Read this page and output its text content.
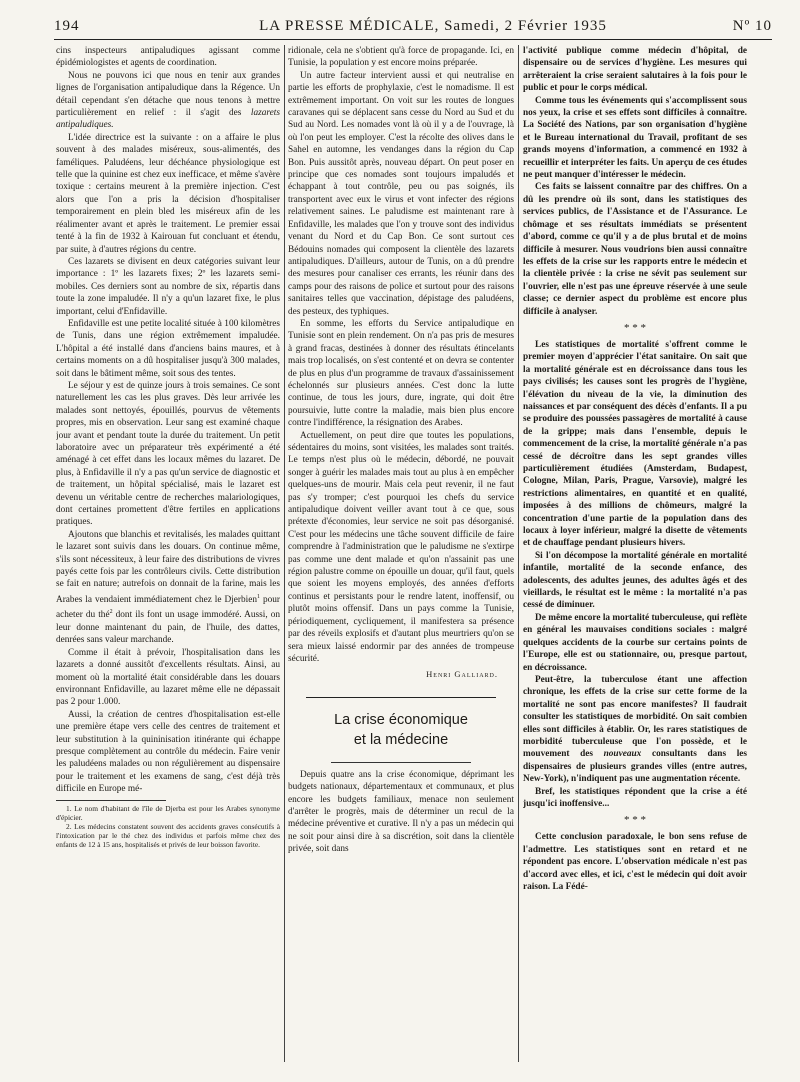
194	LA PRESSE MÉDICALE, Samedi, 2 Février 1935	Nº 10

cins inspecteurs antipaludiques agissant comme épidémiologistes et agents de coordination.

Nous ne pouvons ici que nous en tenir aux grandes lignes de l'organisation antipaludique dans la Régence. Un détail cependant s'en détache que nous tenons à mettre particulièrement en relief : il s'agit des lazarets antipaludiques.

L'idée directrice est la suivante : on a affaire le plus souvent à des malades miséreux, sous-alimentés, des faméliques. Paludéens, leur déchéance physiologique est telle que la quinine est chez eux inefficace, et même s'avère toxique : certains meurent à la première injection. C'est alors que l'on a pris la décision d'hospitaliser temporairement en plein bled les miséreux afin de les réalimenter avant et après le traitement. Le premier essai tenté à la fin de 1932 à Kairouan fut concluant et étendu, par suite, à d'autres régions du centre.

Ces lazarets se divisent en deux catégories suivant leur importance : 1º les lazarets fixes; 2º les lazarets semi-mobiles. Ces derniers sont au nombre de six, répartis dans toute la zone impaludée. Il n'y a qu'un lazaret fixe, le plus important, celui d'Enfidaville.

Enfidaville est une petite localité située à 100 kilomètres de Tunis, dans une région extrêmement impaludée. L'hôpital a été installé dans d'anciens bains maures, et à certains moments on a dû hospitaliser jusqu'à 300 malades, soit dans le bâtiment même, soit sous des tentes.

Le séjour y est de quinze jours à trois semaines. Ce sont naturellement les cas les plus graves. Dès leur arrivée les malades sont nettoyés, épouillés, pourvus de vêtements propres, mis en observation. Leur sang est examiné chaque jour avant et pendant toute la durée du traitement. Un petit laboratoire avec un préparateur très expérimenté a été aménagé à cet effet dans les locaux mêmes du lazaret. De plus, à Enfidaville il n'y a pas qu'un service de diagnostic et de traitement, un hôpital spécialisé, mais le lazaret est devenu un véritable centre de recherches malariologiques, dont certaines promettent d'être fertiles en applications pratiques.

Ajoutons que blanchis et revitalisés, les malades quittant le lazaret sont suivis dans les douars. On continue même, s'ils sont nécessiteux, à leur faire des distributions de vivres payés cette fois par les contrôleurs civils. Cette distribution se fait en nature; autrefois on donnait de la farine, mais les Arabes la vendaient immédiatement chez le Djerbien$^1$ pour acheter du thé$^2$ dont ils font un usage immodéré. Aussi, on leur donne maintenant du pain, de l'huile, des dattes, denrées sans valeur marchande.

Comme il était à prévoir, l'hospitalisation dans les lazarets a donné aussitôt d'excellents résultats. Ainsi, au moment où la mortalité était considérable dans les douars environnant Enfidaville, au lazaret même elle ne dépassait pas 2 pour 1.000.

Aussi, la création de centres d'hospitalisation est-elle une première étape vers celle des centres de traitement et leur substitution à la quininisation itinérante qui échappe presque complètement au contrôle du médecin. Faire venir les paludéens malades ou non régulièrement au dispensaire pour le traitement et les examens de sang, c'est déjà très difficile en Europe mé-

1. Le nom d'habitant de l'île de Djerba est pour les Arabes synonyme d'épicier.

2. Les médecins constatent souvent des accidents graves consécutifs à l'intoxication par le thé chez des individus et parfois même chez des enfants de 12 à 15 ans, hospitalisés et privés de leur boisson favorite.

ridionale, cela ne s'obtient qu'à force de propagande. Ici, en Tunisie, la population y est encore moins préparée.

Un autre facteur intervient aussi et qui neutralise en partie les efforts de prophylaxie, c'est le nomadisme. Il est extrêmement important. On voit sur les routes de longues caravanes qui se déplacent sans cesse du Nord au Sud et du Sud au Nord. Les nomades vont là où il y a de l'ouvrage, là où l'on peut les employer. C'est la récolte des olives dans le Sahel en automne, les vendanges dans la région du Cap Bon. Puis aussitôt après, nouveau départ. On peut poser en principe que ces nomades sont toujours impaludés et échappant à tout contrôle, peu ou pas soignés, ils transportent avec eux le virus et vont infecter des régions relativement saines. Le paludisme est maintenant rare à Enfidaville, les malades que l'on y trouve sont des individus venant du Nord et du Cap Bon. Ce sont surtout ces Bédouins nomades qui composent la clientèle des lazarets antipaludiques. D'ailleurs, autour de Tunis, on a dû prendre des mesures pour canaliser ces errants, les réunir dans des camps pour des raisons de police et surtout pour des raisons sanitaires telles que vaccination, dépistage des paludéens, des pesteux, des typhiques.

En somme, les efforts du Service antipaludique en Tunisie sont en plein rendement. On n'a pas pris de mesures à grand fracas, destinées à donner des résultats étincelants mais trop localisés, on s'est contenté et on devra se contenter de plus en plus d'un programme de travaux d'assainissement échelonnés sur plusieurs années. C'est donc la lutte continue, de tous les jours, dure, ingrate, qui doit être poursuivie, lutte contre la maladie, mais bien plus encore contre l'indifférence, la résignation des Arabes.

Actuellement, on peut dire que toutes les populations, sédentaires du moins, sont visitées, les malades sont traités. Le temps n'est plus où le médecin, débordé, ne pouvait songer à guérir les malades mais tout au plus à en empêcher quelques-uns de mourir. Mais cela peut revenir, il ne faut pas s'y tromper; c'est pourquoi les chefs du service antipaludique doivent veiller avant tout à ce que, sous prétexte d'économies, leur service ne soit pas désorganisé. C'est pour les médecins une tâche souvent difficile de faire comprendre à l'administration que le paludisme ne s'extirpe pas comme une dent malade et qu'on n'assainit pas une région palustre comme on épouille un douar, qu'il faut, quels que soient les moyens employés, des années d'efforts continus et persistants pour le rendre latent, inoffensif, ou plutôt moins offensif. Dans un pays comme la Tunisie, périodiquement, cycliquement, il manifestera sa présence par des réveils explosifs et d'autant plus meurtriers qu'on se sera mieux laissé endormir par des années de trompeuse sécurité.

Henri Galliard.
La crise économique
et la médecine

Depuis quatre ans la crise économique, déprimant les budgets nationaux, départementaux et communaux, et plus encore les budgets familiaux, menace non seulement d'arrêter le progrès, mais de déterminer un recul de la médecine préventive et curative. Il n'y a pas un médecin qui ne soit pour ainsi dire à sa discrétion, soit dans la clientèle privée, soit dans

l'activité publique comme médecin d'hôpital, de dispensaire ou de services d'hygiène. Les mesures qui arrêteraient la crise seraient salutaires à la fois pour le public et pour le corps médical.

Comme tous les événements qui s'accomplissent sous nos yeux, la crise et ses effets sont difficiles à connaître. La Société des Nations, par son organisation d'hygiène et le Bureau international du Travail, profitant de ses grands moyens d'information, a commencé en 1932 à recueillir et interpréter les faits. Un aperçu de ces études ne peut manquer d'intéresser le médecin.

Ces faits se laissent connaître par des chiffres. On a dû les prendre où ils sont, dans les statistiques des services publics, de l'Assistance et de l'Assurance. Le chômage et ses résultats immédiats se présentent d'abord, comme ce qu'il y a de plus brutal et de moins difficile à mesurer. Nous voudrions bien aussi connaître les effets de la crise sur les rapports entre le médecin et la clientèle privée : la crise ne sévit pas seulement sur l'ouvrier, elle n'est pas une épreuve réservée à une seule classe; ce dernier aspect du problème est encore plus difficile à analyser.

* * *

Les statistiques de mortalité s'offrent comme le premier moyen d'apprécier l'état sanitaire. On sait que la mortalité générale est en décroissance dans tous les pays civilisés; les causes sont les progrès de l'hygiène, l'élévation du niveau de la vie, la diminution des naissances et par conséquent des décès d'enfants. Il a pu se produire des poussées passagères de mortalité à cause de la grippe; mais dans l'ensemble, depuis le commencement de la crise, la mortalité générale n'a pas cessé de décroître dans les sept grandes villes particulièrement étudiées (Amsterdam, Budapest, Cologne, Milan, Paris, Prague, Varsovie), malgré les restrictions alimentaires, en quantité et en qualité, imposées à des millions de chômeurs, malgré la concentration d'une partie de la population dans des locaux à loyer inférieur, malgré la disette de vêtements et de chauffage pendant plusieurs hivers.

Si l'on décompose la mortalité générale en mortalité infantile, mortalité de la seconde enfance, des adolescents, des adultes jeunes, des adultes âgés et des vieillards, le résultat est le même : la mortalité n'a pas cessé de diminuer.

De même encore la mortalité tuberculeuse, qui reflète en général les mauvaises conditions sociales : malgré quelques accidents de la courbe sur certains points de l'Europe, elle est ou stationnaire, ou, presque partout, en décroissance.

Peut-être, la tuberculose étant une affection chronique, les effets de la crise sur cette forme de la mortalité ne sont pas encore manifestes? Il faudrait consulter les statistiques de morbidité. On sait combien elles sont difficiles à établir. Or, les rares statistiques de morbidité tuberculeuse que l'on possède, et le mouvement des nouveaux consultants dans les dispensaires de plusieurs grandes villes (entre autres, New-York), n'indiquent pas une augmentation récente.

Bref, les statistiques répondent que la crise a été jusqu'ici inoffensive...

* * *

Cette conclusion paradoxale, le bon sens refuse de l'admettre. Les statistiques sont en retard et ne répondent pas encore. L'observation médicale n'est pas d'accord avec elles, et ici, c'est le médecin qui doit avoir raison. La Fédé-
